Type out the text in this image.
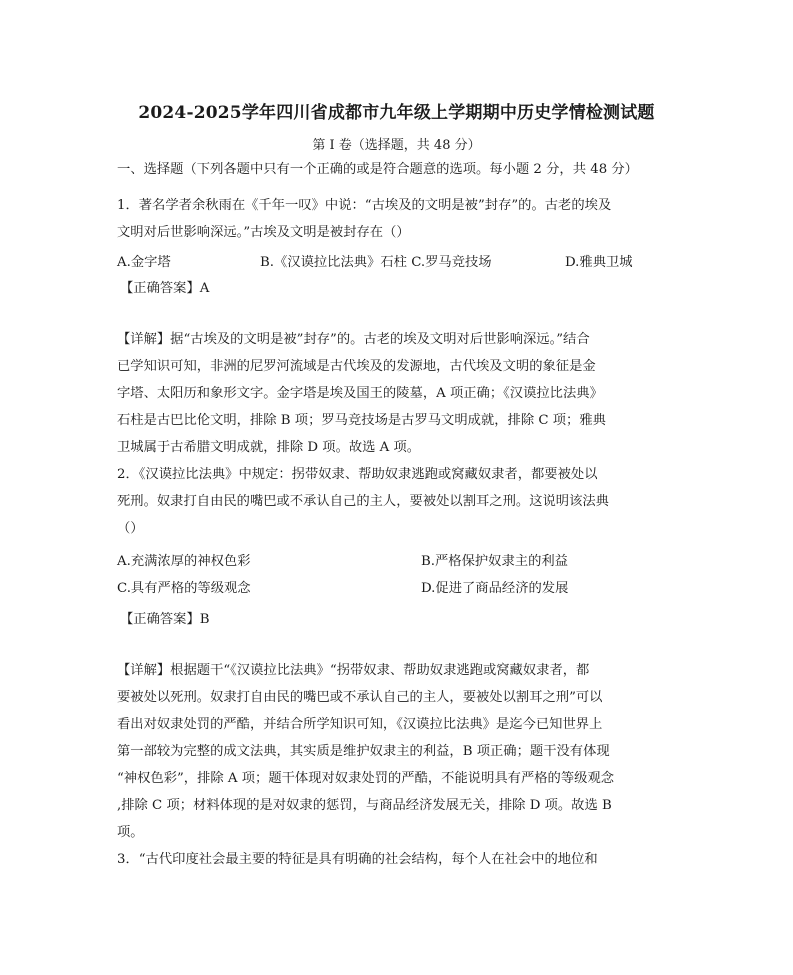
2024-2025学年四川省成都市九年级上学期期中历史学情检测试题
第 I 卷（选择题，共 48 分）
一、选择题（下列各题中只有一个正确的或是符合题意的选项。每小题 2 分，共 48 分）
1．著名学者余秋雨在《千年一叹》中说：“古埃及的文明是被”封存”的。古老的埃及
文明对后世影响深远。”古埃及文明是被封存在（）
A.金字塔	B.《汉谟拉比法典》石柱 C.罗马竞技场	D.雅典卫城
【正确答案】A
【详解】据“古埃及的文明是被”封存”的。古老的埃及文明对后世影响深远。”结合
已学知识可知，非洲的尼罗河流域是古代埃及的发源地，古代埃及文明的象征是金
字塔、太阳历和象形文字。金字塔是埃及国王的陵墓，A 项正确；《汉谟拉比法典》
石柱是古巴比伦文明，排除 B 项；罗马竞技场是古罗马文明成就，排除 C 项；雅典
卫城属于古希腊文明成就，排除 D 项。故选 A 项。
2．《汉谟拉比法典》中规定：拐带奴隶、帮助奴隶逃跑或窝藏奴隶者，都要被处以
死刑。奴隶打自由民的嘴巴或不承认自己的主人，要被处以割耳之刑。这说明该法典
（）
A.充满浓厚的神权色彩	B.严格保护奴隶主的利益
C.具有严格的等级观念	D.促进了商品经济的发展
【正确答案】B
【详解】根据题干“《汉谟拉比法典》“拐带奴隶、帮助奴隶逃跑或窝藏奴隶者，都
要被处以死刑。奴隶打自由民的嘴巴或不承认自己的主人，要被处以割耳之刑”可以
看出对奴隶处罚的严酷，并结合所学知识可知，《汉谟拉比法典》是迄今已知世界上
第一部较为完整的成文法典，其实质是维护奴隶主的利益，B 项正确；题干没有体现
“神权色彩”，排除 A 项；题干体现对奴隶处罚的严酷，不能说明具有严格的等级观念
,排除 C 项；材料体现的是对奴隶的惩罚，与商品经济发展无关，排除 D 项。故选 B
项。
3．“古代印度社会最主要的特征是具有明确的社会结构，每个人在社会中的地位和
